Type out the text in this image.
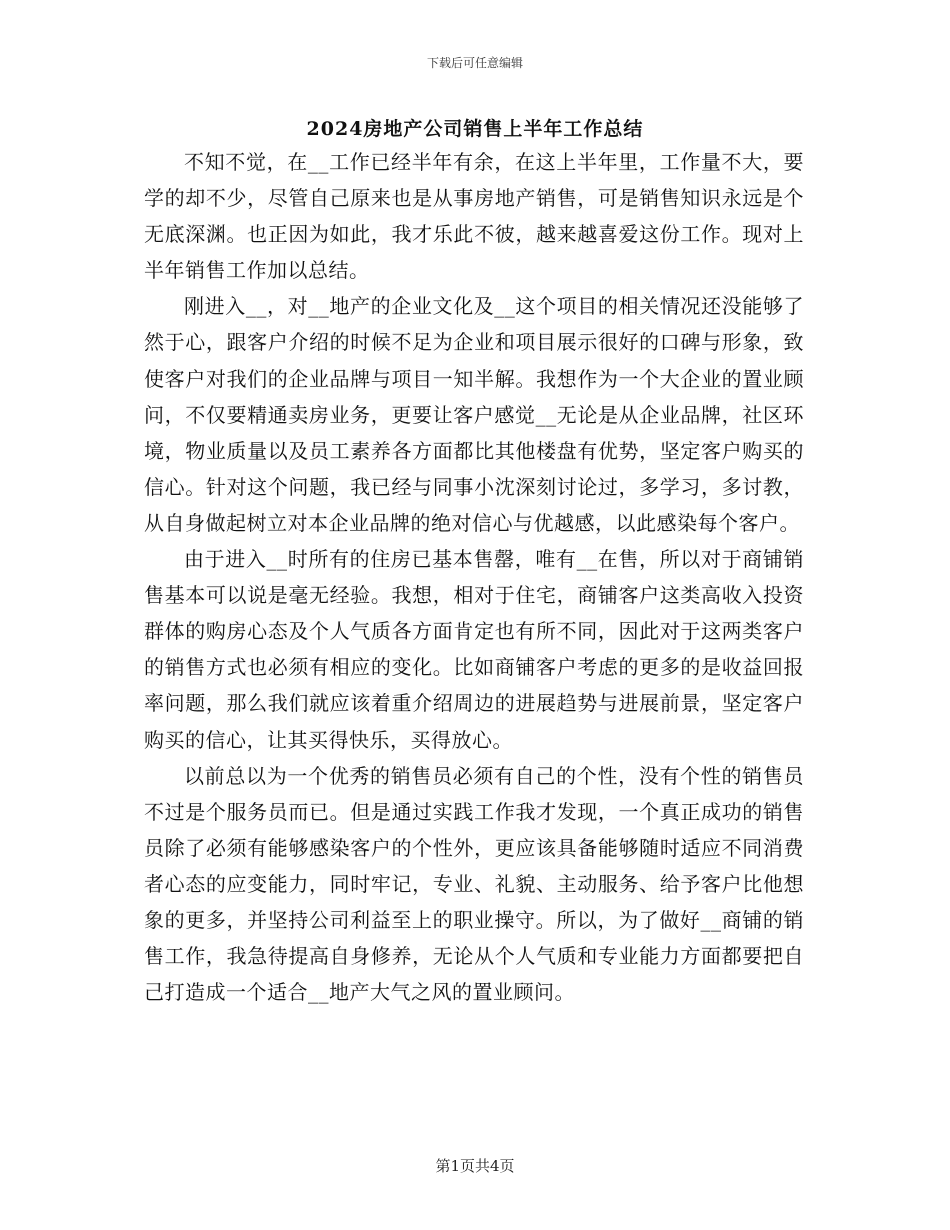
下载后可任意编辑
2024房地产公司销售上半年工作总结

不知不觉，在__工作已经半年有余，在这上半年里，工作量不大，要学的却不少，尽管自己原来也是从事房地产销售，可是销售知识永远是个无底深渊。也正因为如此，我才乐此不彼，越来越喜爱这份工作。现对上半年销售工作加以总结。

刚进入__，对__地产的企业文化及__这个项目的相关情况还没能够了然于心，跟客户介绍的时候不足为企业和项目展示很好的口碑与形象，致使客户对我们的企业品牌与项目一知半解。我想作为一个大企业的置业顾问，不仅要精通卖房业务，更要让客户感觉__无论是从企业品牌，社区环境，物业质量以及员工素养各方面都比其他楼盘有优势，坚定客户购买的信心。针对这个问题，我已经与同事小沈深刻讨论过，多学习，多讨教，从自身做起树立对本企业品牌的绝对信心与优越感，以此感染每个客户。

由于进入__时所有的住房已基本售罄，唯有__在售，所以对于商铺销售基本可以说是毫无经验。我想，相对于住宅，商铺客户这类高收入投资群体的购房心态及个人气质各方面肯定也有所不同，因此对于这两类客户的销售方式也必须有相应的变化。比如商铺客户考虑的更多的是收益回报率问题，那么我们就应该着重介绍周边的进展趋势与进展前景，坚定客户购买的信心，让其买得快乐，买得放心。

以前总以为一个优秀的销售员必须有自己的个性，没有个性的销售员不过是个服务员而已。但是通过实践工作我才发现，一个真正成功的销售员除了必须有能够感染客户的个性外，更应该具备能够随时适应不同消费者心态的应变能力，同时牢记，专业、礼貌、主动服务、给予客户比他想象的更多，并坚持公司利益至上的职业操守。所以，为了做好__商铺的销售工作，我急待提高自身修养，无论从个人气质和专业能力方面都要把自己打造成一个适合__地产大气之风的置业顾问。

第1页共4页
